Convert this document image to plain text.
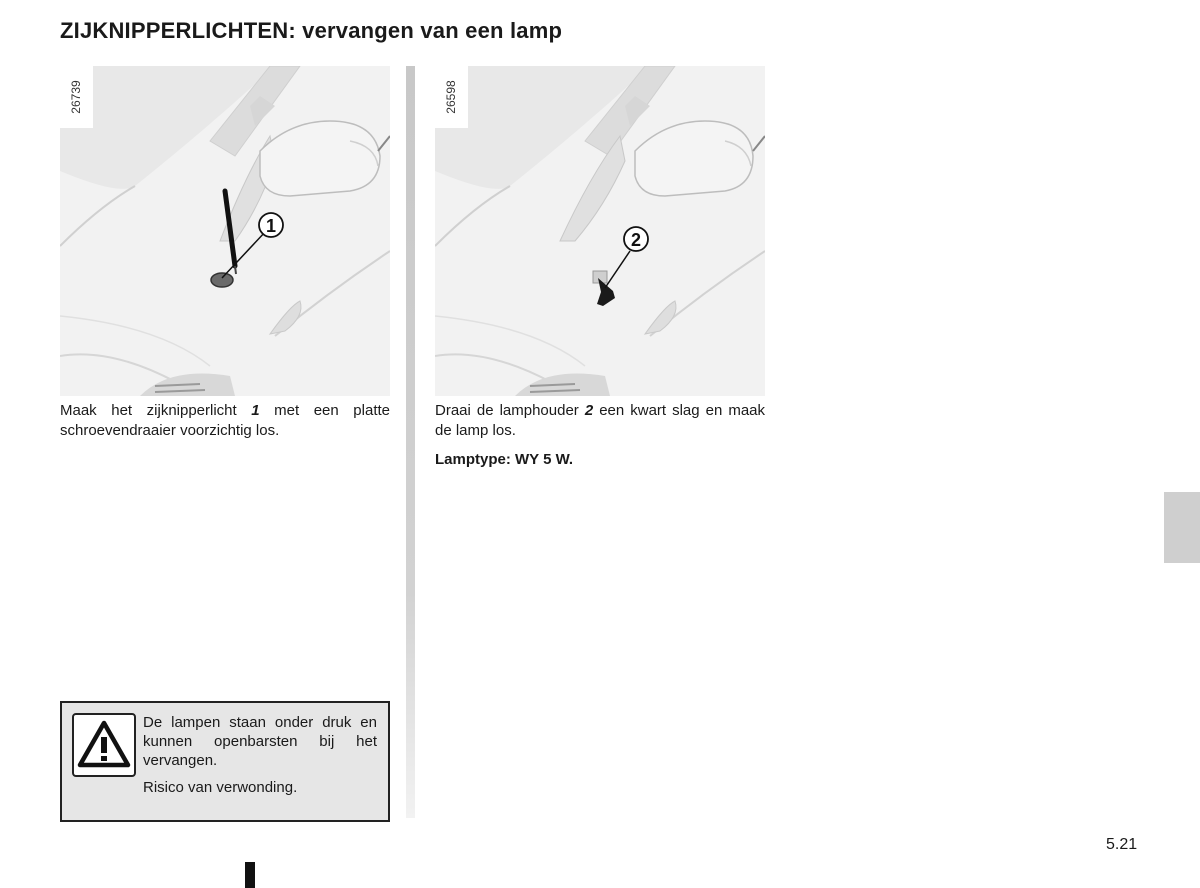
ZIJKNIPPERLICHTEN: vervangen van een lamp
1
26739
2
26598
Maak het zijknipperlicht 1 met een platte schroevendraaier voorzichtig los.
Draai de lamphouder 2 een kwart slag en maak de lamp los.
Lamptype: WY 5 W.

De lampen staan onder druk en kunnen openbarsten bij het vervangen.

Risico van verwonding.

5.21
